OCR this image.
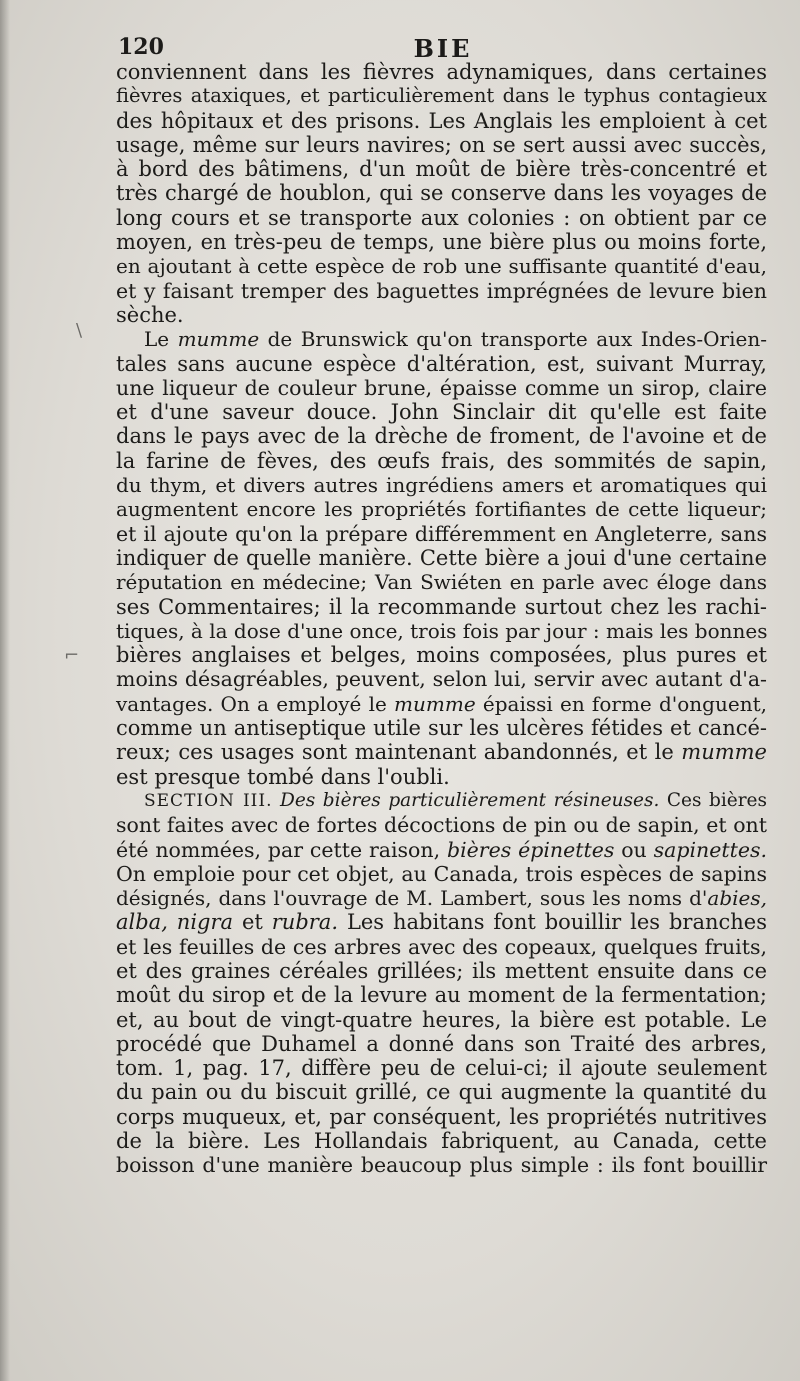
120	BIE
\
⌐
conviennent dans les fièvres adynamiques, dans certaines
fièvres ataxiques, et particulièrement dans le typhus contagieux
des hôpitaux et des prisons. Les Anglais les emploient à cet
usage, même sur leurs navires; on se sert aussi avec succès,
à bord des bâtimens, d'un moût de bière très-concentré et
très chargé de houblon, qui se conserve dans les voyages de
long cours et se transporte aux colonies : on obtient par ce
moyen, en très-peu de temps, une bière plus ou moins forte,
en ajoutant à cette espèce de rob une suffisante quantité d'eau,
et y faisant tremper des baguettes imprégnées de levure bien
sèche.
Le mumme de Brunswick qu'on transporte aux Indes-Orien-
tales sans aucune espèce d'altération, est, suivant Murray,
une liqueur de couleur brune, épaisse comme un sirop, claire
et d'une saveur douce. John Sinclair dit qu'elle est faite
dans le pays avec de la drèche de froment, de l'avoine et de
la farine de fèves, des œufs frais, des sommités de sapin,
du thym, et divers autres ingrédiens amers et aromatiques qui
augmentent encore les propriétés fortifiantes de cette liqueur;
et il ajoute qu'on la prépare différemment en Angleterre, sans
indiquer de quelle manière. Cette bière a joui d'une certaine
réputation en médecine; Van Swiéten en parle avec éloge dans
ses Commentaires; il la recommande surtout chez les rachi-
tiques, à la dose d'une once, trois fois par jour : mais les bonnes
bières anglaises et belges, moins composées, plus pures et
moins désagréables, peuvent, selon lui, servir avec autant d'a-
vantages. On a employé le mumme épaissi en forme d'onguent,
comme un antiseptique utile sur les ulcères fétides et cancé-
reux; ces usages sont maintenant abandonnés, et le mumme
est presque tombé dans l'oubli.
SECTION III. Des bières particulièrement résineuses. Ces bières
sont faites avec de fortes décoctions de pin ou de sapin, et ont
été nommées, par cette raison, bières épinettes ou sapinettes.
On emploie pour cet objet, au Canada, trois espèces de sapins
désignés, dans l'ouvrage de M. Lambert, sous les noms d'abies,
alba, nigra et rubra. Les habitans font bouillir les branches
et les feuilles de ces arbres avec des copeaux, quelques fruits,
et des graines céréales grillées; ils mettent ensuite dans ce
moût du sirop et de la levure au moment de la fermentation;
et, au bout de vingt-quatre heures, la bière est potable. Le
procédé que Duhamel a donné dans son Traité des arbres,
tom. 1, pag. 17, diffère peu de celui-ci; il ajoute seulement
du pain ou du biscuit grillé, ce qui augmente la quantité du
corps muqueux, et, par conséquent, les propriétés nutritives
de la bière. Les Hollandais fabriquent, au Canada, cette
boisson d'une manière beaucoup plus simple : ils font bouillir
